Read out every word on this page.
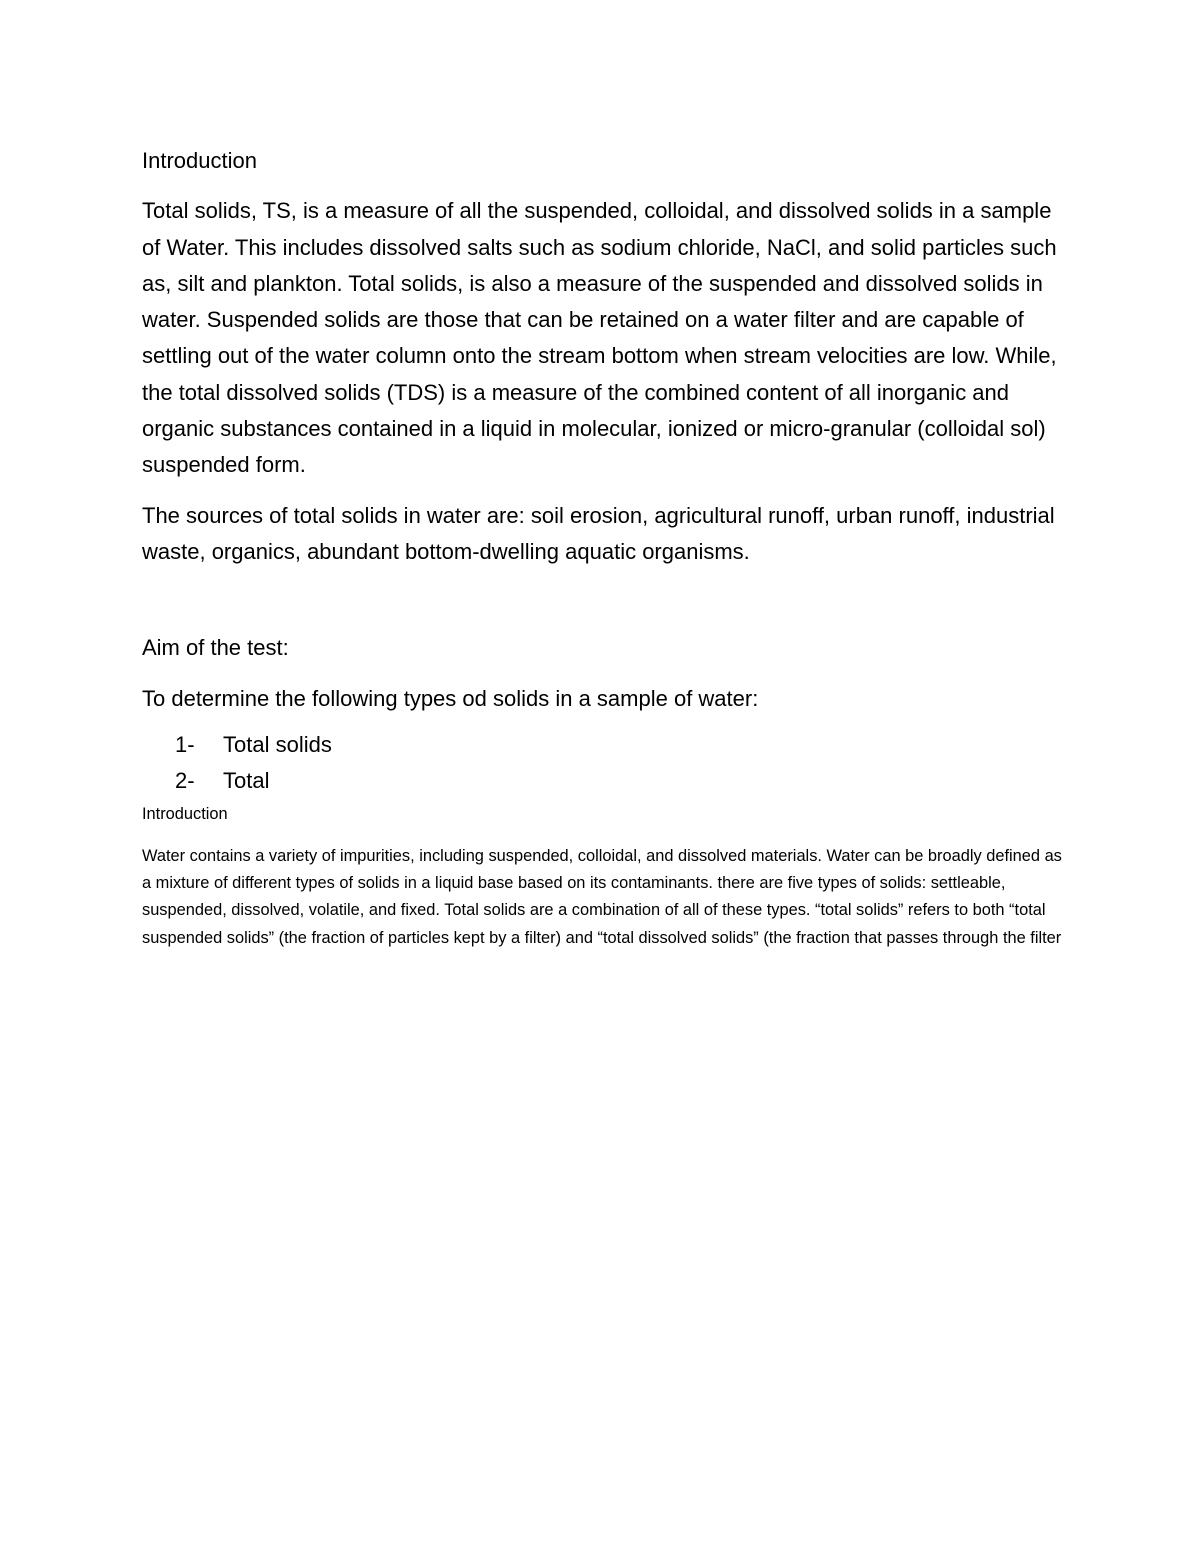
Introduction

Total solids, TS, is a measure of all the suspended, colloidal, and dissolved solids in a sample of Water. This includes dissolved salts such as sodium chloride, NaCl, and solid particles such as, silt and plankton. Total solids, is also a measure of the suspended and dissolved solids in water. Suspended solids are those that can be retained on a water filter and are capable of settling out of the water column onto the stream bottom when stream velocities are low. While, the total dissolved solids (TDS) is a measure of the combined content of all inorganic and organic substances contained in a liquid in molecular, ionized or micro-granular (colloidal sol) suspended form.

The sources of total solids in water are: soil erosion, agricultural runoff, urban runoff, industrial waste, organics, abundant bottom-dwelling aquatic organisms.

Aim of the test:

To determine the following types od solids in a sample of water:

1-	Total solids
2-	Total

Introduction

Water contains a variety of impurities, including suspended, colloidal, and dissolved materials. Water can be broadly defined as a mixture of different types of solids in a liquid base based on its contaminants. there are five types of solids: settleable, suspended, dissolved, volatile, and fixed. Total solids are a combination of all of these types. “total solids” refers to both “total suspended solids” (the fraction of particles kept by a filter) and “total dissolved solids” (the fraction that passes through the filter
